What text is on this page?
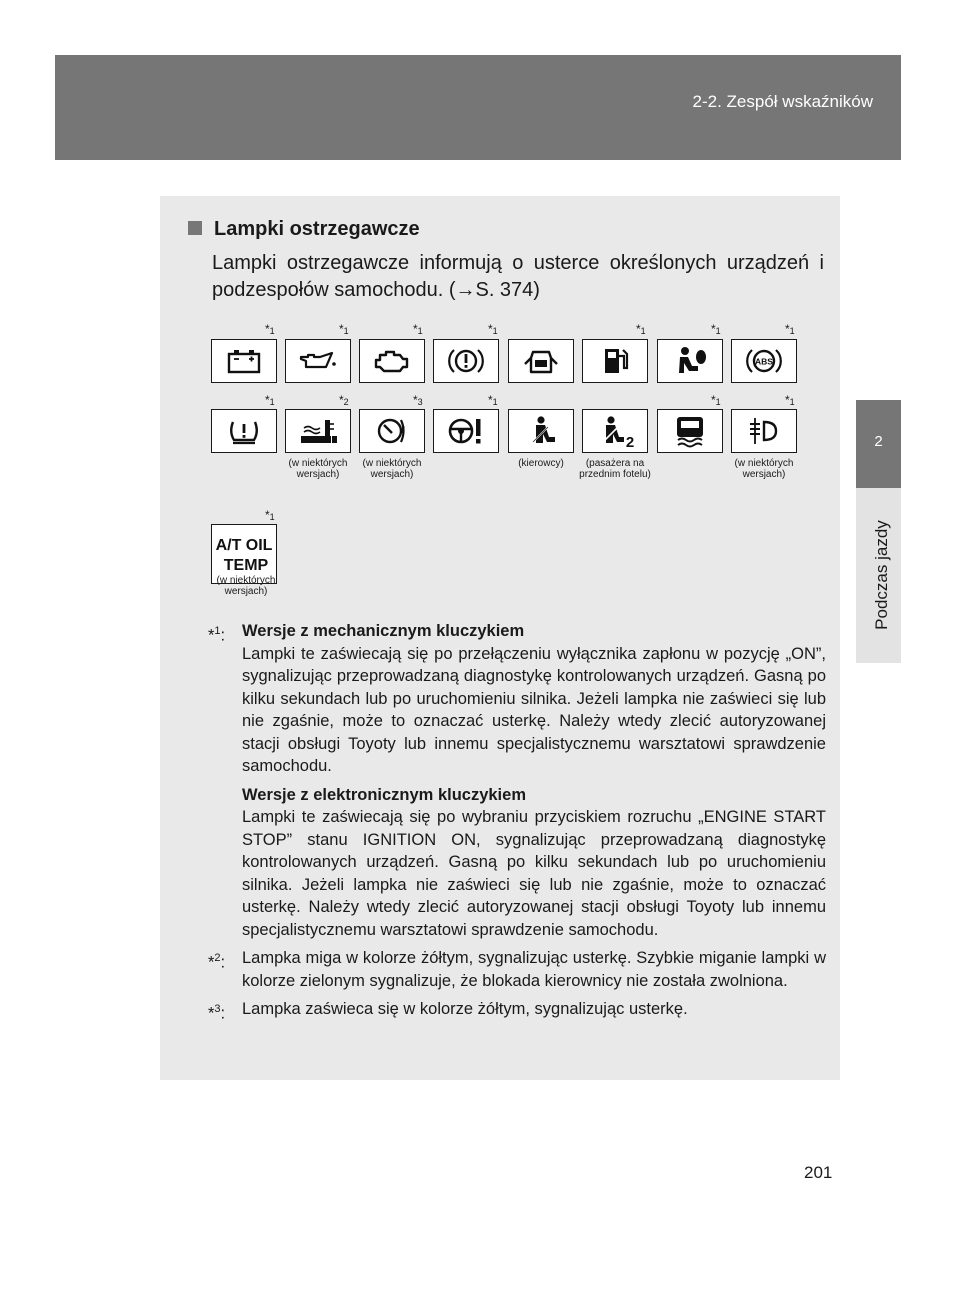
2-2. Zespół wskaźników
2
Podczas jazdy
Lampki ostrzegawcze
Lampki ostrzegawcze informują o usterce określonych urządzeń i podzespołów samochodu. (→S. 374)
$*_1$	$*_1$	$*_1$	$*_1$	$*_1$	$*_1$	$*_1$
ABS
$*_1$	$*_2$	$*_3$	$*_1$	$*_1$	$*_1$
2
(w niektórych wersjach)
(w niektórych wersjach)
(kierowcy)	(pasażera na przednim fotelu)
(w niektórych wersjach)
$*_1$
A/T OIL
TEMP
(w niektórych wersjach)
*$^1$: Wersje z mechanicznym kluczykiem
Lampki te zaświecają się po przełączeniu wyłącznika zapłonu w pozycję „ON”, sygnalizując przeprowadzaną diagnostykę kontrolowanych urządzeń. Gasną po kilku sekundach lub po uruchomieniu silnika. Jeżeli lampka nie zaświeci się lub nie zgaśnie, może to oznaczać usterkę. Należy wtedy zlecić autoryzowanej stacji obsługi Toyoty lub innemu specjalistycznemu warsztatowi sprawdzenie samochodu.
Wersje z elektronicznym kluczykiem
Lampki te zaświecają się po wybraniu przyciskiem rozruchu „ENGINE START STOP” stanu IGNITION ON, sygnalizując przeprowadzaną diagnostykę kontrolowanych urządzeń. Gasną po kilku sekundach lub po uruchomieniu silnika. Jeżeli lampka nie zaświeci się lub nie zgaśnie, może to oznaczać usterkę. Należy wtedy zlecić autoryzowanej stacji obsługi Toyoty lub innemu specjalistycznemu warsztatowi sprawdzenie samochodu.
*$^2$: Lampka miga w kolorze żółtym, sygnalizując usterkę. Szybkie miganie lampki w kolorze zielonym sygnalizuje, że blokada kierownicy nie została zwolniona.
*$^3$: Lampka zaświeca się w kolorze żółtym, sygnalizując usterkę.
201
